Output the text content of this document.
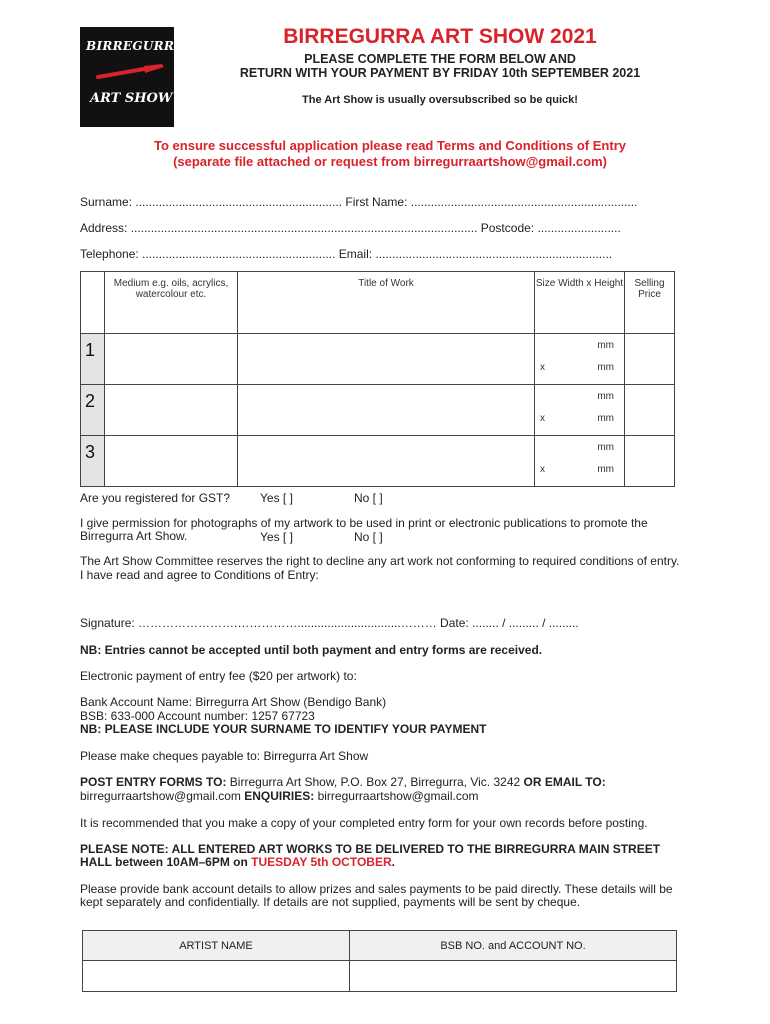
BIRREGURRA
ART SHOW
BIRREGURRA ART SHOW 2021
PLEASE COMPLETE THE FORM BELOW AND
RETURN WITH YOUR PAYMENT BY FRIDAY 10th SEPTEMBER 2021
The Art Show is usually oversubscribed so be quick!
To ensure successful application please read Terms and Conditions of Entry
(separate file attached or request from birregurraartshow@gmail.com)
Surname: .............................................................. First Name: ....................................................................
Address: ........................................................................................................ Postcode: .........................
Telephone: .......................................................... Email: .......................................................................
	Medium e.g. oils, acrylics, watercolour etc.	Title of Work	Size Width x Height	Selling Price

1			mm
x mm	

2			mm
x mm	

3			mm
x mm	

Are you registered for GST? Yes [ ]	No [ ]
I give permission for photographs of my artwork to be used in print or electronic publications to promote the
Birregurra Art Show.	Yes [ ]	No [ ]
The Art Show Committee reserves the right to decline any art work not conforming to required conditions of entry.
I have read and agree to Conditions of Entry:
Signature: …………………….……………...............................……… Date: ........ / ......... / .........
NB: Entries cannot be accepted until both payment and entry forms are received.
Electronic payment of entry fee ($20 per artwork) to:
Bank Account Name: Birregurra Art Show (Bendigo Bank)
BSB: 633-000 Account number: 1257 67723
NB: PLEASE INCLUDE YOUR SURNAME TO IDENTIFY YOUR PAYMENT
Please make cheques payable to: Birregurra Art Show
POST ENTRY FORMS TO: Birregurra Art Show, P.O. Box 27, Birregurra, Vic. 3242 OR EMAIL TO:
birregurraartshow@gmail.com ENQUIRIES: birregurraartshow@gmail.com
It is recommended that you make a copy of your completed entry form for your own records before posting.
PLEASE NOTE: ALL ENTERED ART WORKS TO BE DELIVERED TO THE BIRREGURRA MAIN STREET
HALL between 10AM–6PM on TUESDAY 5th OCTOBER.
Please provide bank account details to allow prizes and sales payments to be paid directly. These details will be
kept separately and confidentially. If details are not supplied, payments will be sent by cheque.
ARTIST NAME	BSB NO. and ACCOUNT NO.
